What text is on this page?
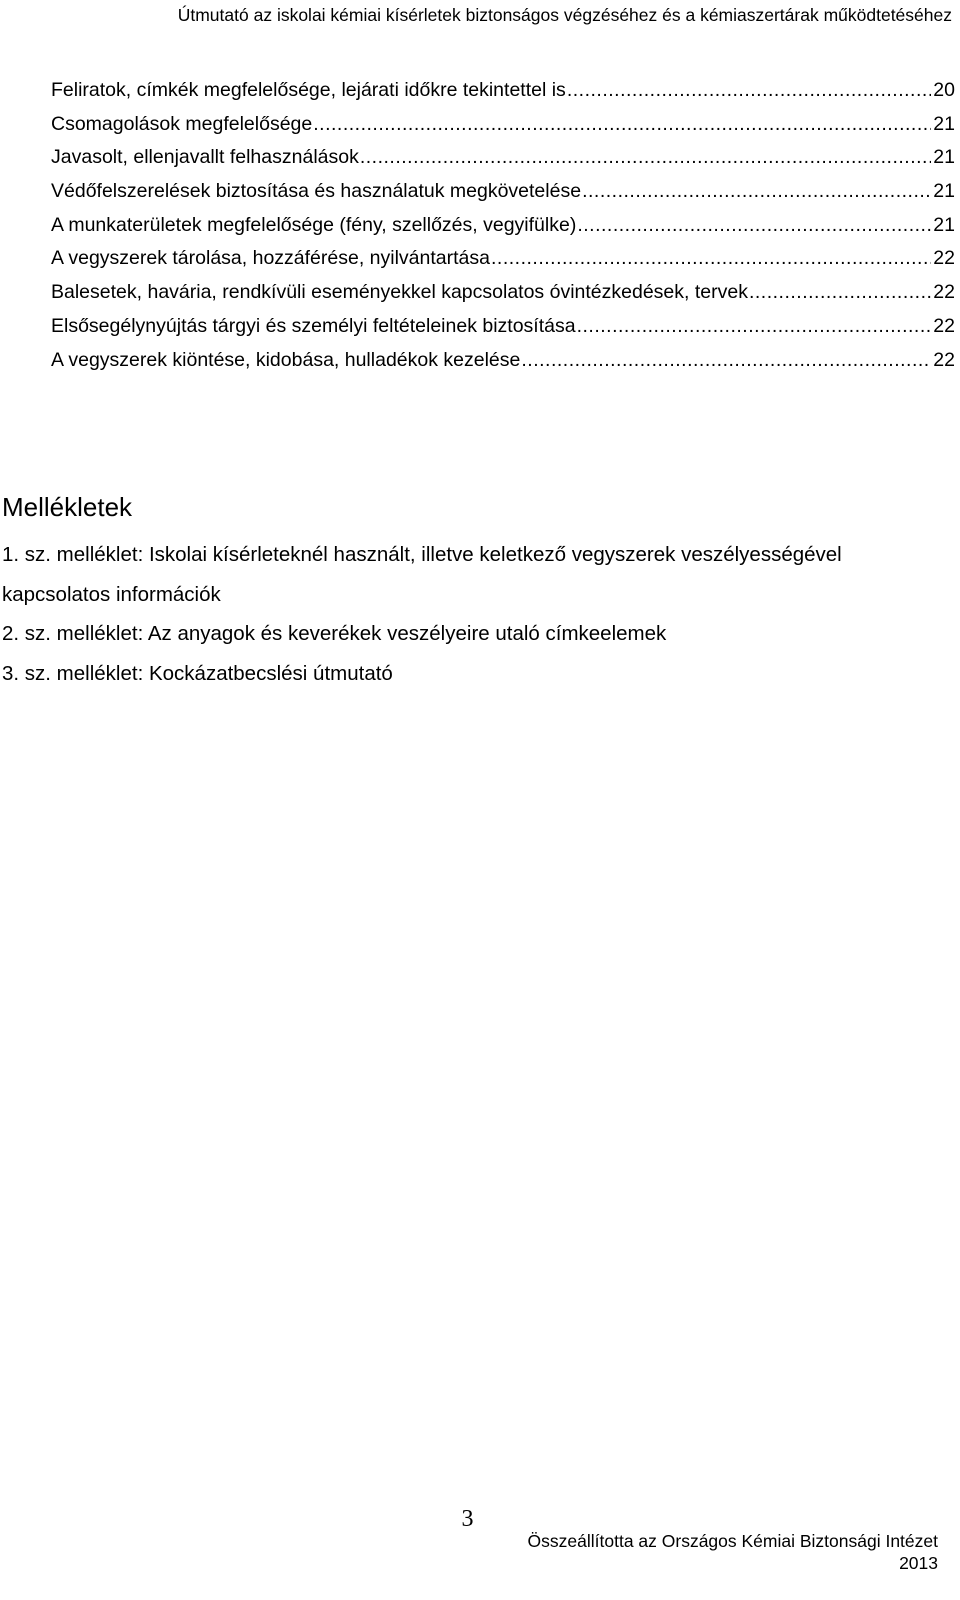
Útmutató az iskolai kémiai kísérletek biztonságos végzéséhez és a kémiaszertárak működtetéséhez
Feliratok, címkék megfelelősége, lejárati időkre tekintettel is .....	20
Csomagolások megfelelősége .....	21
Javasolt, ellenjavallt felhasználások .....	21
Védőfelszerelések biztosítása és használatuk megkövetelése .....	21
A munkaterületek megfelelősége (fény, szellőzés, vegyifülke) .....	21
A vegyszerek tárolása, hozzáférése, nyilvántartása .....	22
Balesetek, havária, rendkívüli eseményekkel kapcsolatos óvintézkedések, tervek .....	22
Elsősegélynyújtás tárgyi és személyi feltételeinek biztosítása .....	22
A vegyszerek kiöntése, kidobása, hulladékok kezelése .....	22
Mellékletek
1. sz. melléklet: Iskolai kísérleteknél használt, illetve keletkező vegyszerek veszélyességével kapcsolatos információk
2. sz. melléklet: Az anyagok és keverékek veszélyeire utaló címkeelemek
3. sz. melléklet: Kockázatbecslési útmutató
3
Összeállította az Országos Kémiai Biztonsági Intézet
2013
